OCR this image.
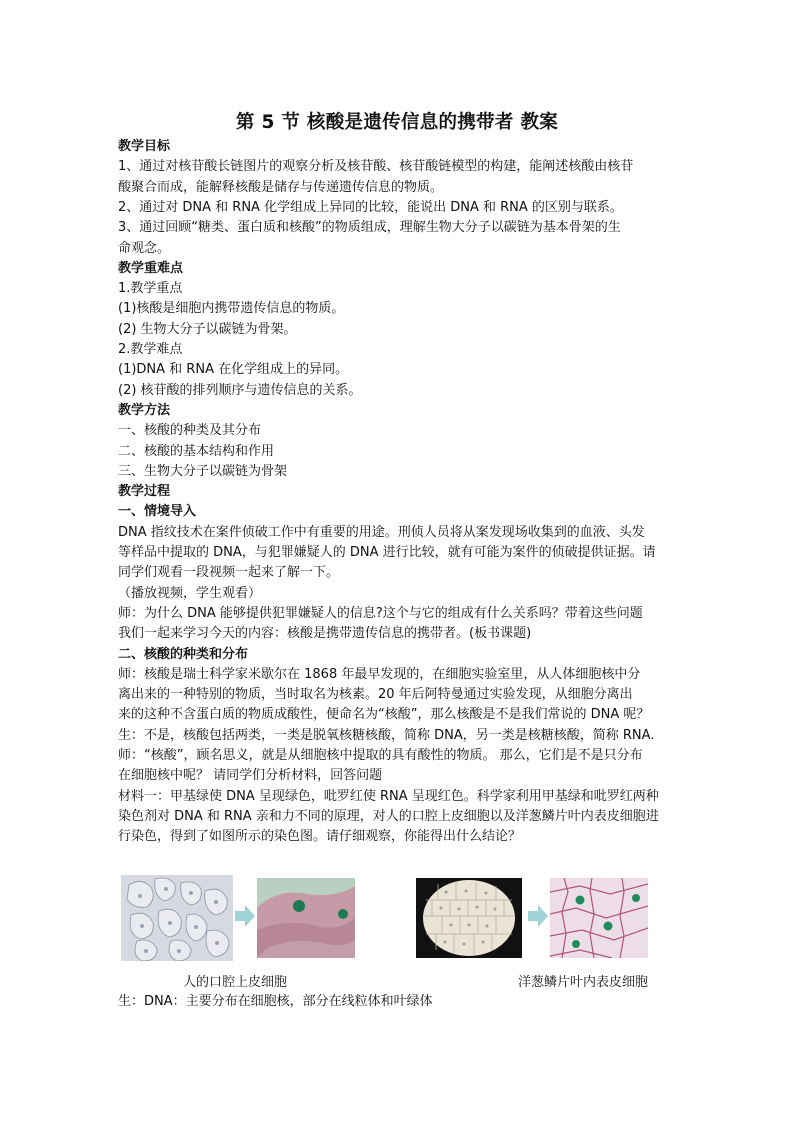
第 5 节 核酸是遗传信息的携带者 教案
教学目标
1、通过对核苷酸长链图片的观察分析及核苷酸、核苷酸链模型的构建，能阐述核酸由核苷
酸聚合而成，能解释核酸是储存与传递遗传信息的物质。
2、通过对 DNA 和 RNA 化学组成上异同的比较，能说出 DNA 和 RNA 的区别与联系。
3、通过回顾“糖类、蛋白质和核酸”的物质组成，理解生物大分子以碳链为基本骨架的生
命观念。
教学重难点
1.教学重点
(1)核酸是细胞内携带遗传信息的物质。
(2) 生物大分子以碳链为骨架。
2.教学难点
(1)DNA 和 RNA 在化学组成上的异同。
(2) 核苷酸的排列顺序与遗传信息的关系。
教学方法
一、核酸的种类及其分布
二、核酸的基本结构和作用
三、生物大分子以碳链为骨架
教学过程
一、情境导入
DNA 指纹技术在案件侦破工作中有重要的用途。刑侦人员将从案发现场收集到的血液、头发
等样品中提取的 DNA，与犯罪嫌疑人的 DNA 进行比较，就有可能为案件的侦破提供证据。请
同学们观看一段视频一起来了解一下。
（播放视频，学生观看）
师：为什么 DNA 能够提供犯罪嫌疑人的信息?这个与它的组成有什么关系吗？带着这些问题
我们一起来学习今天的内容：核酸是携带遗传信息的携带者。(板书课题)
二、核酸的种类和分布
师：核酸是瑞士科学家米歇尔在 1868 年最早发现的，在细胞实验室里，从人体细胞核中分
离出来的一种特别的物质，当时取名为核素。20 年后阿特曼通过实验发现，从细胞分离出
来的这种不含蛋白质的物质成酸性，便命名为“核酸”，那么核酸是不是我们常说的 DNA 呢？
生：不是，核酸包括两类，一类是脱氧核糖核酸，简称 DNA，另一类是核糖核酸，简称 RNA.
师：“核酸”，顾名思义，就是从细胞核中提取的具有酸性的物质。 那么，它们是不是只分布
在细胞核中呢？ 请同学们分析材料，回答问题
材料一：甲基绿使 DNA 呈现绿色，吡罗红使 RNA 呈现红色。科学家利用甲基绿和吡罗红两种
染色剂对 DNA 和 RNA 亲和力不同的原理，对人的口腔上皮细胞以及洋葱鳞片叶内表皮细胞进
行染色，得到了如图所示的染色图。请仔细观察，你能得出什么结论？
人的口腔上皮细胞	洋葱鳞片叶内表皮细胞
生：DNA：主要分布在细胞核，部分在线粒体和叶绿体
